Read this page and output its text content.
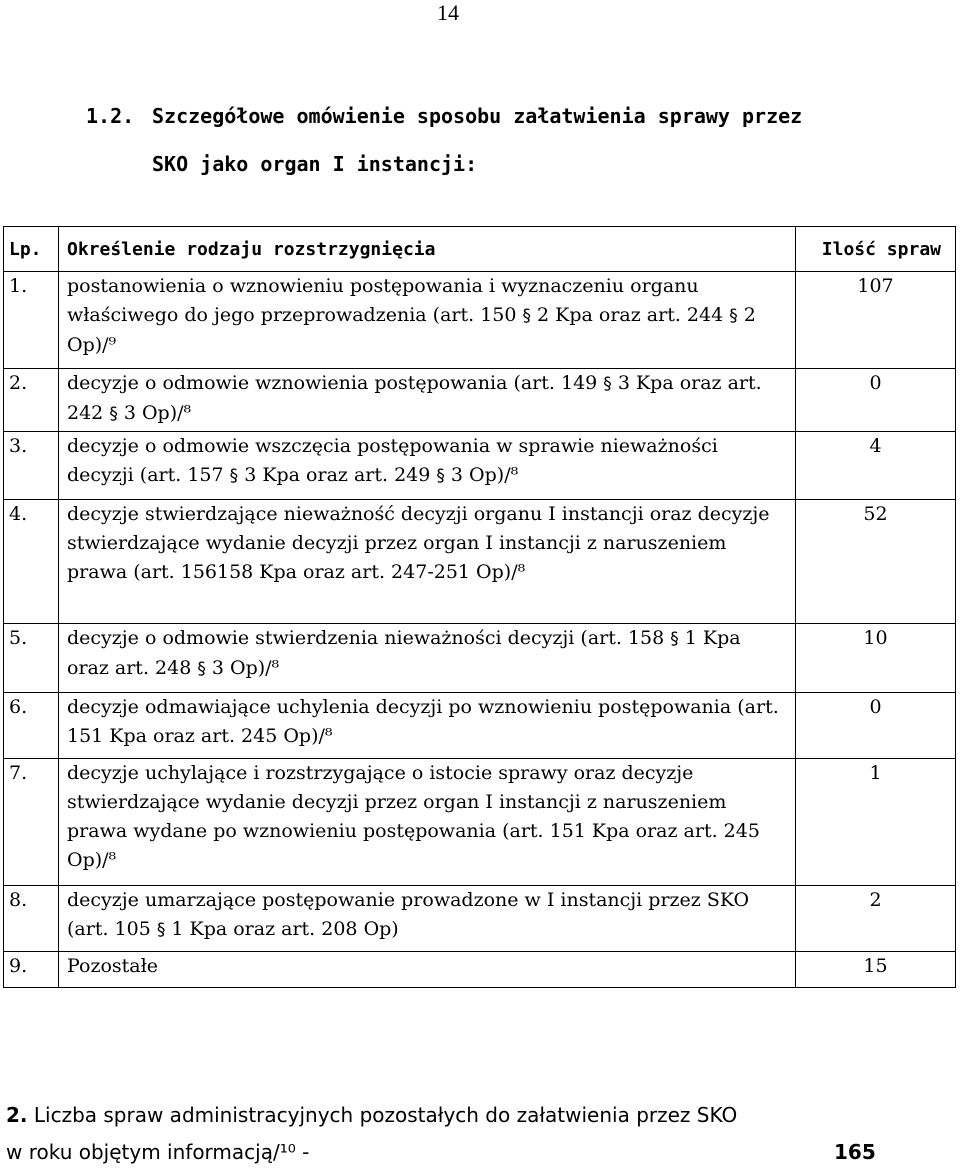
14
1.2. Szczegółowe omówienie sposobu załatwienia sprawy przez
SKO jako organ I instancji:
Lp.	Określenie rodzaju rozstrzygnięcia	Ilość spraw
1.	postanowienia o wznowieniu postępowania i wyznaczeniu organu właściwego do jego przeprowadzenia (art. 150 § 2 Kpa oraz art. 244 § 2 Op)/⁹	107
2.	decyzje o odmowie wznowienia postępowania (art. 149 § 3 Kpa oraz art. 242 § 3 Op)/⁸	0
3.	decyzje o odmowie wszczęcia postępowania w sprawie nieważności decyzji (art. 157 § 3 Kpa oraz art. 249 § 3 Op)/⁸	4
4.	decyzje stwierdzające nieważność decyzji organu I instancji oraz decyzje stwierdzające wydanie decyzji przez organ I instancji z naruszeniem prawa (art. 156158 Kpa oraz art. 247-251 Op)/⁸	52
5.	decyzje o odmowie stwierdzenia nieważności decyzji (art. 158 § 1 Kpa oraz art. 248 § 3 Op)/⁸	10
6.	decyzje odmawiające uchylenia decyzji po wznowieniu postępowania (art. 151 Kpa oraz art. 245 Op)/⁸	0
7.	decyzje uchylające i rozstrzygające o istocie sprawy oraz decyzje stwierdzające wydanie decyzji przez organ I instancji z naruszeniem prawa wydane po wznowieniu postępowania (art. 151 Kpa oraz art. 245 Op)/⁸	1
8.	decyzje umarzające postępowanie prowadzone w I instancji przez SKO (art. 105 § 1 Kpa oraz art. 208 Op)	2
9.	Pozostałe	15
2. Liczba spraw administracyjnych pozostałych do załatwienia przez SKO
w roku objętym informacją/¹⁰ -	165
